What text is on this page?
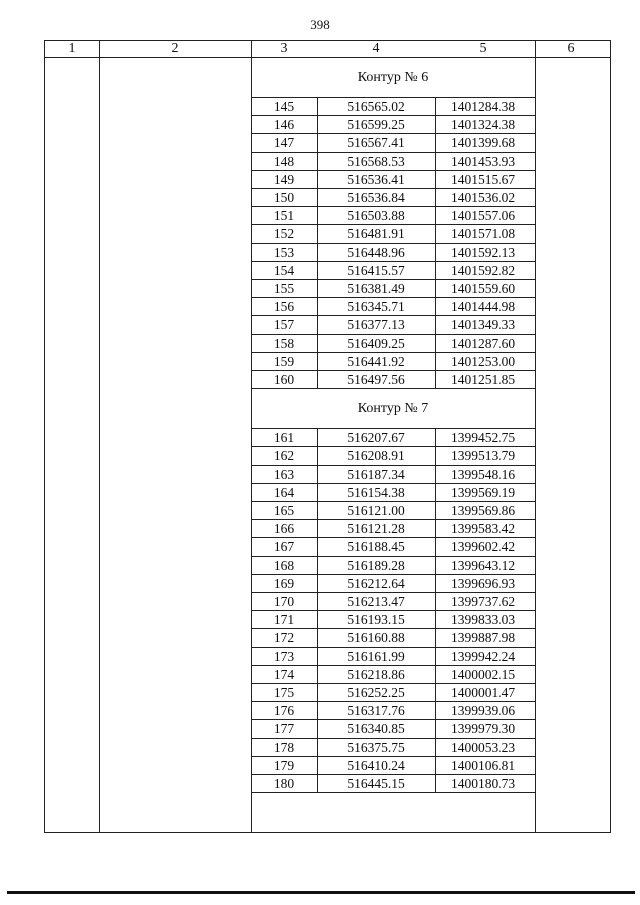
398
1	2	3	4	5	6
Контур № 6
145	516565.02	1401284.38
146	516599.25	1401324.38
147	516567.41	1401399.68
148	516568.53	1401453.93
149	516536.41	1401515.67
150	516536.84	1401536.02
151	516503.88	1401557.06
152	516481.91	1401571.08
153	516448.96	1401592.13
154	516415.57	1401592.82
155	516381.49	1401559.60
156	516345.71	1401444.98
157	516377.13	1401349.33
158	516409.25	1401287.60
159	516441.92	1401253.00
160	516497.56	1401251.85
Контур № 7
161	516207.67	1399452.75
162	516208.91	1399513.79
163	516187.34	1399548.16
164	516154.38	1399569.19
165	516121.00	1399569.86
166	516121.28	1399583.42
167	516188.45	1399602.42
168	516189.28	1399643.12
169	516212.64	1399696.93
170	516213.47	1399737.62
171	516193.15	1399833.03
172	516160.88	1399887.98
173	516161.99	1399942.24
174	516218.86	1400002.15
175	516252.25	1400001.47
176	516317.76	1399939.06
177	516340.85	1399979.30
178	516375.75	1400053.23
179	516410.24	1400106.81
180	516445.15	1400180.73
